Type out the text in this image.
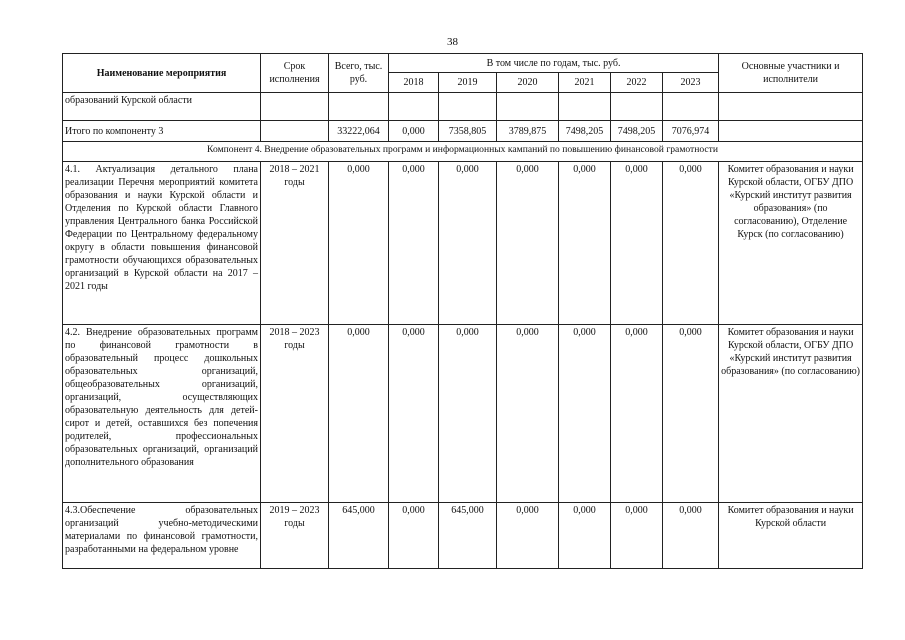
38
Наименование мероприятия	Срок исполнения	Всего, тыс. руб.	В том числе по годам, тыс. руб.						Основные участники и исполнители
			2018	2019	2020	2021	2022	2023	
образований Курской области									
Итого по компоненту 3		33222,064	0,000	7358,805	3789,875	7498,205	7498,205	7076,974	
Компонент 4. Внедрение образовательных программ и информационных кампаний по повышению финансовой грамотности									
4.1. Актуализация детального плана реализации Перечня мероприятий комитета образования и науки Курской области и Отделения по Курской области Главного управления Центрального банка Российской Федерации по Центральному федеральному округу в области повышения финансовой грамотности обучающихся образовательных организаций в Курской области на 2017 – 2021 годы	2018 – 2021 годы	0,000	0,000	0,000	0,000	0,000	0,000	0,000	Комитет образования и науки Курской области, ОГБУ ДПО «Курский институт развития образования» (по согласованию), Отделение Курск (по согласованию)
4.2. Внедрение образовательных программ по финансовой грамотности в образовательный процесс дошкольных образовательных организаций, общеобразовательных организаций, организаций, осуществляющих образовательную деятельность для детей-сирот и детей, оставшихся без попечения родителей, профессиональных образовательных организаций, организаций дополнительного образования	2018 – 2023 годы	0,000	0,000	0,000	0,000	0,000	0,000	0,000	Комитет образования и науки Курской области, ОГБУ ДПО «Курский институт развития образования» (по согласованию)
4.3.Обеспечение образовательных организаций учебно-методическими материалами по финансовой грамотности, разработанными на федеральном уровне	2019 – 2023 годы	645,000	0,000	645,000	0,000	0,000	0,000	0,000	Комитет образования и науки Курской области
